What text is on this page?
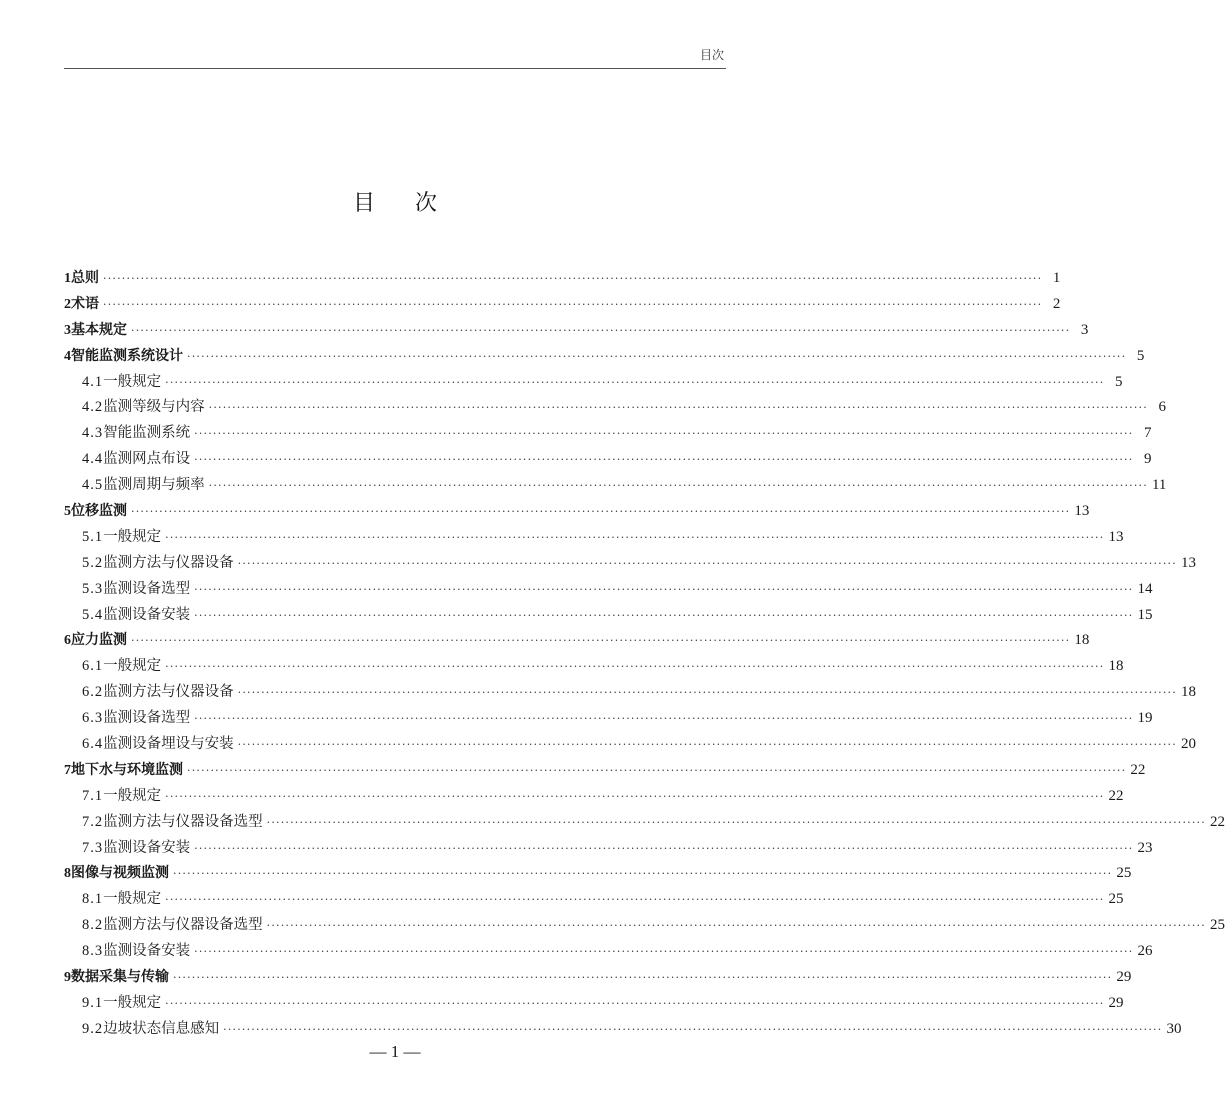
目次
目次
1 总则 ········································································································································································································ 1
2 术语 ········································································································································································································ 2
3 基本规定 ········································································································································································································ 3
4 智能监测系统设计 ········································································································································································································ 5
4.1 一般规定 ········································································································································································································ 5
4.2 监测等级与内容 ········································································································································································································ 6
4.3 智能监测系统 ········································································································································································································ 7
4.4 监测网点布设 ········································································································································································································ 9
4.5 监测周期与频率 ········································································································································································································ 11
5 位移监测 ········································································································································································································ 13
5.1 一般规定 ········································································································································································································ 13
5.2 监测方法与仪器设备 ········································································································································································································ 13
5.3 监测设备选型 ········································································································································································································ 14
5.4 监测设备安装 ········································································································································································································ 15
6 应力监测 ········································································································································································································ 18
6.1 一般规定 ········································································································································································································ 18
6.2 监测方法与仪器设备 ········································································································································································································ 18
6.3 监测设备选型 ········································································································································································································ 19
6.4 监测设备埋设与安装 ········································································································································································································ 20
7 地下水与环境监测 ········································································································································································································ 22
7.1 一般规定 ········································································································································································································ 22
7.2 监测方法与仪器设备选型 ········································································································································································································ 22
7.3 监测设备安装 ········································································································································································································ 23
8 图像与视频监测 ········································································································································································································ 25
8.1 一般规定 ········································································································································································································ 25
8.2 监测方法与仪器设备选型 ········································································································································································································ 25
8.3 监测设备安装 ········································································································································································································ 26
9 数据采集与传输 ········································································································································································································ 29
9.1 一般规定 ········································································································································································································ 29
9.2 边坡状态信息感知 ········································································································································································································ 30
— 1 —
